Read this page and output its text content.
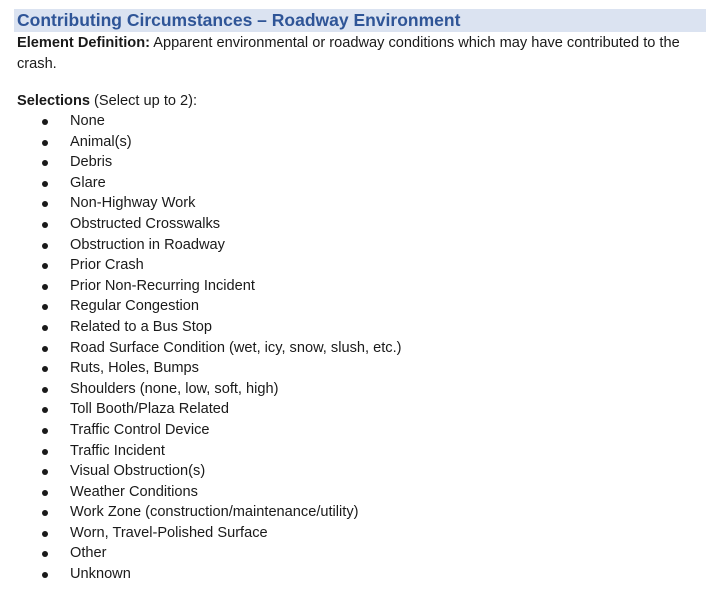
Contributing Circumstances – Roadway Environment
Element Definition: Apparent environmental or roadway conditions which may have contributed to the crash.
Selections (Select up to 2):
None
Animal(s)
Debris
Glare
Non-Highway Work
Obstructed Crosswalks
Obstruction in Roadway
Prior Crash
Prior Non-Recurring Incident
Regular Congestion
Related to a Bus Stop
Road Surface Condition (wet, icy, snow, slush, etc.)
Ruts, Holes, Bumps
Shoulders (none, low, soft, high)
Toll Booth/Plaza Related
Traffic Control Device
Traffic Incident
Visual Obstruction(s)
Weather Conditions
Work Zone (construction/maintenance/utility)
Worn, Travel-Polished Surface
Other
Unknown
